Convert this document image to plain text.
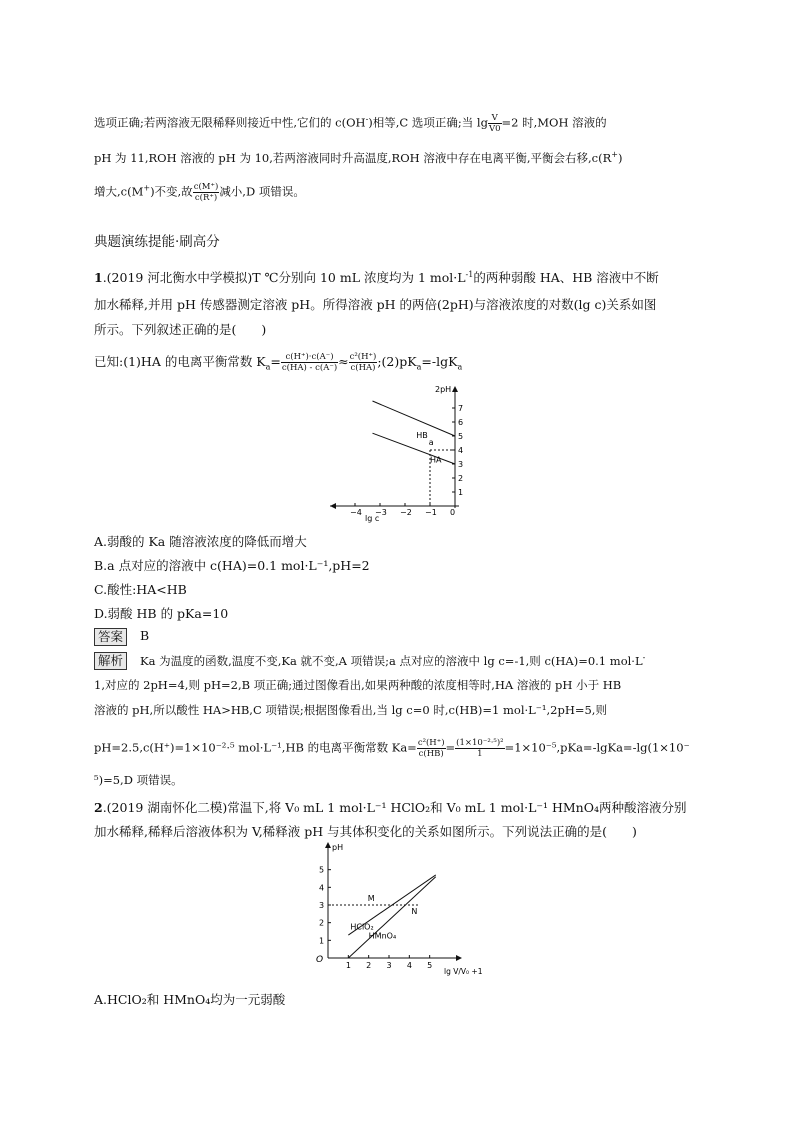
选项正确;若两溶液无限稀释则接近中性,它们的 c(OH-)相等,C 选项正确;当 $\lg \frac{V}{V0} =2$ 时,MOH 溶液的
pH 为 11,ROH 溶液的 pH 为 10,若两溶液同时升高温度,ROH 溶液中存在电离平衡,平衡会右移,c(R+)
增大,c(M+)不变,故 $\frac{c(M^+)}{c(R^+)}$ 减小,D 项错误。
典题演练提能·刷高分
1.(2019 河北衡水中学模拟)T ℃分别向 10 mL 浓度均为 1 $mol\cdot L^{-1}$的两种弱酸 HA、HB 溶液中不断
加水稀释,并用 pH 传感器测定溶液 pH。所得溶液 pH 的两倍(2pH)与溶液浓度的对数(lg c)关系如图
所示。下列叙述正确的是(　　)
已知:(1)HA 的电离平衡常数 $K_a= \frac{c(H^+)\cdot c(A^-)}{c(HA) - c(A^-)} \approx \frac{\text{c²(H⁺)}}{c(HA)}$ $;(2)pK_a=-\lg K_a$
2pH
lg c
−4 −3 −2 −1 0
1
2
3
4
5
6
7
HB
HA
a
A.弱酸的 Ka 随溶液浓度的降低而增大
B.a 点对应的溶液中 c(HA)=0.1 mol·L⁻¹,pH=2
C.酸性:HA<HB
D.弱酸 HB 的 pKa=10
答案	B
解析	Ka 为温度的函数,温度不变,Ka 就不变,A 项错误;a 点对应的溶液中 lg c=-1,则 c(HA)=0.1 mol·L-
1,对应的 2pH=4,则 pH=2,B 项正确;通过图像看出,如果两种酸的浓度相等时,HA 溶液的 pH 小于 HB
溶液的 pH,所以酸性 HA>HB,C 项错误;根据图像看出,当 lg c=0 时,c(HB)=1 mol·L⁻¹,2pH=5,则
pH=2.5,c(H⁺)=1×10⁻²·⁵ mol·L⁻¹,HB 的电离平衡常数 $Ka= \frac{\text{c²(H⁺)}}{c(HB)} = \frac{\text{(1×10⁻²·⁵)²}}{1}$ =1×10⁻⁵,pKa=-lgKa=-lg(1×10⁻
⁵)=5,D 项错误。
2.(2019 湖南怀化二模)常温下,将 V₀ mL 1 mol·L⁻¹ HClO₂和 V₀ mL 1 mol·L⁻¹ HMnO₄两种酸溶液分别
加水稀释,稀释后溶液体积为 V,稀释液 pH 与其体积变化的关系如图所示。下列说法正确的是(　　)
pH
O
lg V/V₀ +1
1 2 3 4 5
1
2
3
4
5
HClO₂
HMnO₄
M
N
A.HClO₂和 HMnO₄均为一元弱酸
